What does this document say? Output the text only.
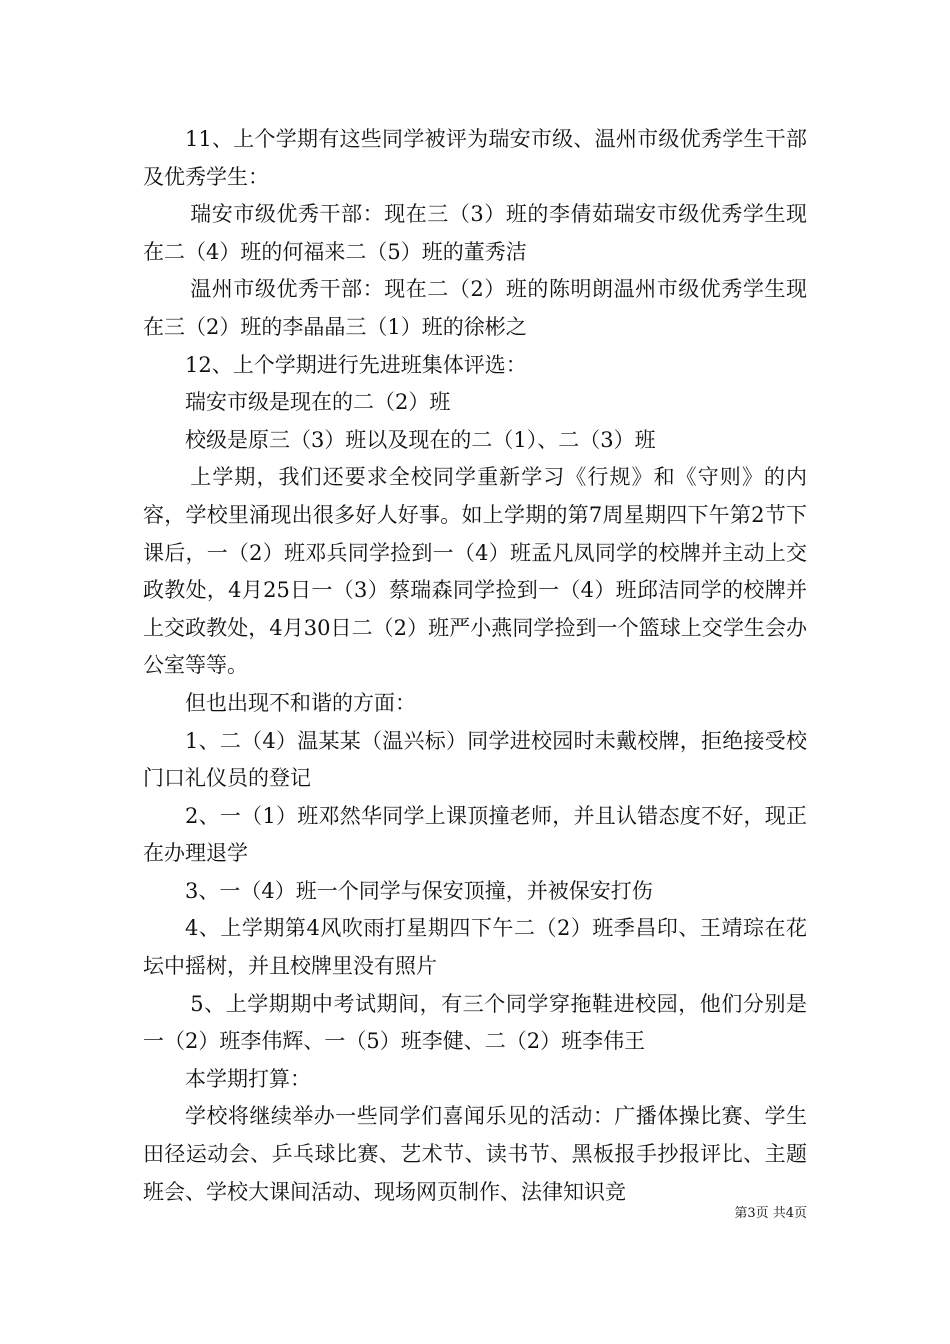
11、上个学期有这些同学被评为瑞安市级、温州市级优秀学生干部及优秀学生：

瑞安市级优秀干部：现在三（3）班的李倩茹瑞安市级优秀学生现在二（4）班的何福来二（5）班的董秀洁

温州市级优秀干部：现在二（2）班的陈明朗温州市级优秀学生现在三（2）班的李晶晶三（1）班的徐彬之

12、上个学期进行先进班集体评选：

瑞安市级是现在的二（2）班

校级是原三（3）班以及现在的二（1）、二（3）班

上学期，我们还要求全校同学重新学习《行规》和《守则》的内容，学校里涌现出很多好人好事。如上学期的第7周星期四下午第2节下课后，一（2）班邓兵同学捡到一（4）班孟凡凤同学的校牌并主动上交政教处，4月25日一（3）蔡瑞森同学捡到一（4）班邱洁同学的校牌并上交政教处，4月30日二（2）班严小燕同学捡到一个篮球上交学生会办公室等等。

但也出现不和谐的方面：

1、二（4）温某某（温兴标）同学进校园时未戴校牌，拒绝接受校门口礼仪员的登记

2、一（1）班邓然华同学上课顶撞老师，并且认错态度不好，现正在办理退学

3、一（4）班一个同学与保安顶撞，并被保安打伤

4、上学期第4风吹雨打星期四下午二（2）班季昌印、王靖琮在花坛中摇树，并且校牌里没有照片

5、上学期期中考试期间，有三个同学穿拖鞋进校园，他们分别是一（2）班李伟辉、一（5）班李健、二（2）班李伟王

本学期打算：

学校将继续举办一些同学们喜闻乐见的活动：广播体操比赛、学生田径运动会、乒乓球比赛、艺术节、读书节、黑板报手抄报评比、主题班会、学校大课间活动、现场网页制作、法律知识竞

第3页 共4页
